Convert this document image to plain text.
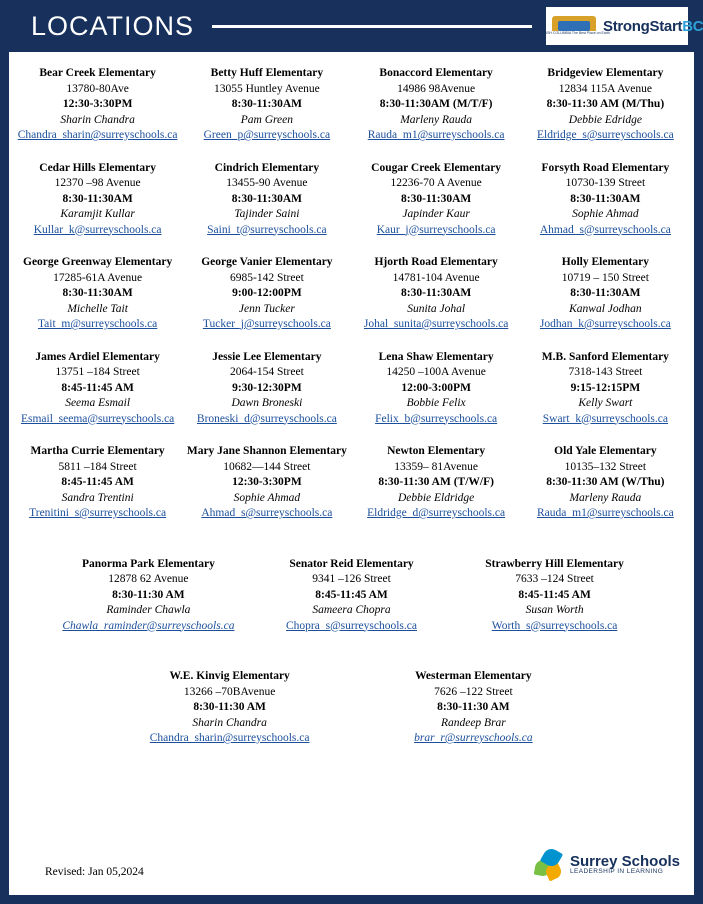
LOCATIONS	BRITISH COLUMBIA The Best Place on Earth
StrongStartBC
Bear Creek Elementary
13780-80Ave
12:30-3:30PM
Sharin Chandra
Chandra_sharin@surreyschools.ca
Betty Huff Elementary
13055 Huntley Avenue
8:30-11:30AM
Pam Green
Green_p@surreyschools.ca
Bonaccord Elementary
14986 98Avenue
8:30-11:30AM (M/T/F)
Marleny Rauda
Rauda_m1@surreyschools.ca
Bridgeview Elementary
12834 115A Avenue
8:30-11:30 AM (M/Thu)
Debbie Edridge
Eldridge_s@surreyschools.ca
Cedar Hills Elementary
12370 –98 Avenue
8:30-11:30AM
Karamjit Kullar
Kullar_k@surreyschools.ca
Cindrich Elementary
13455-90 Avenue
8:30-11:30AM
Tajinder Saini
Saini_t@surreyschools.ca
Cougar Creek Elementary
12236-70 A Avenue
8:30-11:30AM
Japinder Kaur
Kaur_j@surreyschools.ca
Forsyth Road Elementary
10730-139 Street
8:30-11:30AM
Sophie Ahmad
Ahmad_s@surreyschools.ca
George Greenway Elementary
17285-61A Avenue
8:30-11:30AM
Michelle Tait
Tait_m@surreyschools.ca
George Vanier Elementary
6985-142 Street
9:00-12:00PM
Jenn Tucker
Tucker_j@surreyschools.ca
Hjorth Road Elementary
14781-104 Avenue
8:30-11:30AM
Sunita Johal
Johal_sunita@surreyschools.ca
Holly Elementary
10719 – 150 Street
8:30-11:30AM
Kanwal Jodhan
Jodhan_k@surreyschools.ca
James Ardiel Elementary
13751 –184 Street
8:45-11:45 AM
Seema Esmail
Esmail_seema@surreyschools.ca
Jessie Lee Elementary
2064-154 Street
9:30-12:30PM
Dawn Broneski
Broneski_d@surreyschools.ca
Lena Shaw Elementary
14250 –100A Avenue
12:00-3:00PM
Bobbie Felix
Felix_b@surreyschools.ca
M.B. Sanford Elementary
7318-143 Street
9:15-12:15PM
Kelly Swart
Swart_k@surreyschools.ca
Martha Currie Elementary
5811 –184 Street
8:45-11:45 AM
Sandra Trentini
Trenitini_s@surreyschools.ca
Mary Jane Shannon Elementary
10682—144 Street
12:30-3:30PM
Sophie Ahmad
Ahmad_s@surreyschools.ca
Newton Elementary
13359– 81Avenue
8:30-11:30 AM (T/W/F)
Debbie Eldridge
Eldridge_d@surreyschools.ca
Old Yale Elementary
10135–132 Street
8:30-11:30 AM (W/Thu)
Marleny Rauda
Rauda_m1@surreyschools.ca
Panorma Park Elementary
12878 62 Avenue
8:30-11:30 AM
Raminder Chawla
Chawla_raminder@surreyschools.ca
Senator Reid Elementary
9341 –126 Street
8:45-11:45 AM
Sameera Chopra
Chopra_s@surreyschools.ca
Strawberry Hill Elementary
7633 –124 Street
8:45-11:45 AM
Susan Worth
Worth_s@surreyschools.ca
W.E. Kinvig Elementary
13266 –70BAvenue
8:30-11:30 AM
Sharin Chandra
Chandra_sharin@surreyschools.ca
Westerman Elementary
7626 –122 Street
8:30-11:30 AM
Randeep Brar
brar_r@surreyschools.ca
Revised: Jan 05,2024
Surrey Schools
LEADERSHIP IN LEARNING
